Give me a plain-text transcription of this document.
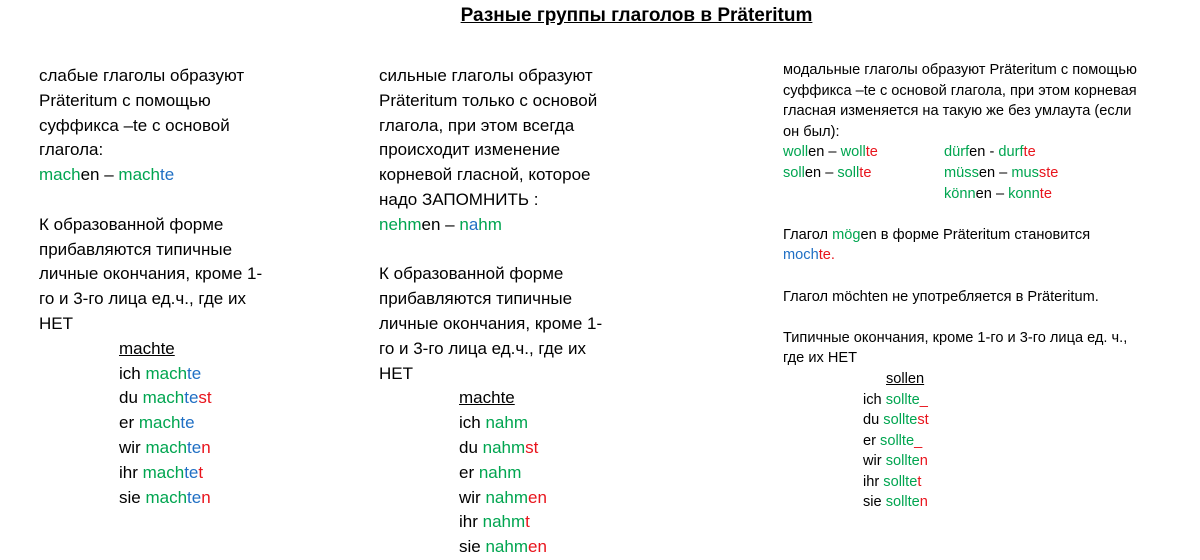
Разные группы глаголов в Präteritum
слабые глаголы образуют
Präteritum с помощью
суффикса –te с основой
глагола:
machen – machte
К образованной форме
прибавляются типичные
личные окончания, кроме 1-
го и 3-го лица ед.ч., где их
НЕТ
machte
ich machte
du machtest
er machte
wir machten
ihr machtet
sie machten
сильные глаголы образуют
Präteritum только с основой
глагола, при этом всегда
происходит изменение
корневой гласной, которое
надо ЗАПОМНИТЬ :
nehmen – nahm
К образованной форме
прибавляются типичные
личные окончания, кроме 1-
го и 3-го лица ед.ч., где их
НЕТ
machte
ich nahm
du nahmst
er nahm
wir nahmen
ihr nahmt
sie nahmen
модальные глаголы образуют Präteritum с помощью
суффикса –te с основой глагола, при этом корневая
гласная изменяется на такую же без умлаута (если
он был):
wollen – wollte	dürfen - durfte
sollen – sollte	müssen – musste
können – konnte
Глагол mögen в форме Präteritum становится
mochte.
Глагол möchten не употребляется в Präteritum.
Типичные окончания, кроме 1-го и 3-го лица ед. ч.,
где их НЕТ
sollen
ich sollte_
du solltest
er sollte_
wir sollten
ihr solltet
sie sollten
